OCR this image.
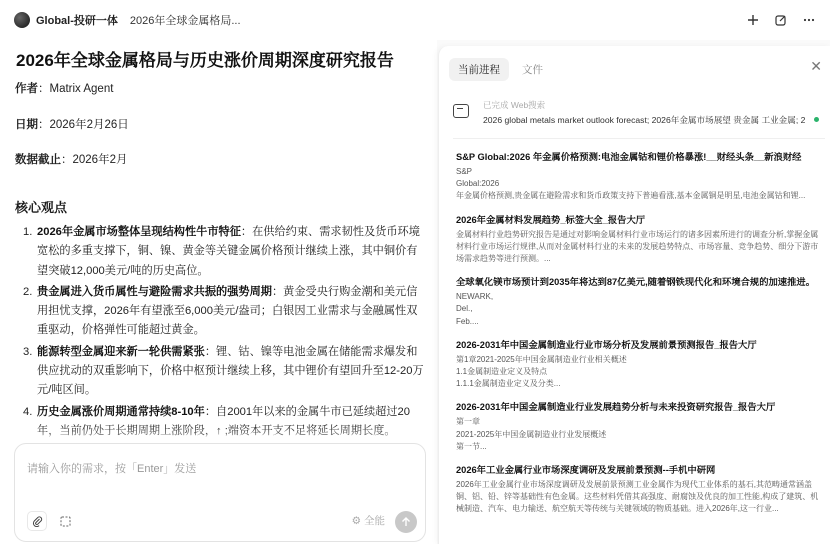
Global-投研一体 2026年全球金属格局...
2026年全球金属格局与历史涨价周期深度研究报告
作者：Matrix Agent
日期：2026年2月26日
数据截止：2026年2月
核心观点
1. 2026年金属市场整体呈现结构性牛市特征：在供给约束、需求韧性及货币环境宽松的多重支撑下，铜、镍、黄金等关键金属价格预计继续上涨，其中铜价有望突破12,000美元/吨的历史高位。
2. 贵金属进入货币属性与避险需求共振的强势周期：黄金受央行购金潮和美元信用担忧支撑，2026年有望涨至6,000美元/盎司；白银因工业需求与金融属性双重驱动，价格弹性可能超过黄金。
3. 能源转型金属迎来新一轮供需紧张：锂、钴、镍等电池金属在储能需求爆发和供应扰动的双重影响下，价格中枢预计继续上移，其中锂价有望回升至12-20万元/吨区间。
4. 历史金属涨价周期通常持续8-10年：自2001年以来的金属牛市已延续超过20年，当前仍处于长期周期上涨阶段，↑ ;端资本开支不足将延长周期长度。
请输入你的需求，按「Enter」发送
⚙ 全能
当前进程	文件	✕
已完成 Web搜索
2026 global metals market outlook forecast; 2026年金属市场展望 贵金属 工业金属; 2
S&P Global:2026 年金属价格预测:电池金属钴和锂价格暴涨!__财经头条__新浪财经
S&P
Global:2026
年金属价格预测,贵金属在避险需求和货币政策支持下普遍看涨,基本金属铜是明星,电池金属钴和锂...
2026年金属材料发展趋势_标签大全_报告大厅
金属材料行业趋势研究报告是通过对影响金属材料行业市场运行的诸多因素所进行的调查分析,掌握金属材料行业市场运行规律,从而对金属材料行业的未来的发展趋势特点、市场容量、竞争趋势、细分下游市场需求趋势等进行预测。...
全球氧化镁市场预计到2035年将达到87亿美元,随着钢铁现代化和环境合规的加速推进。
NEWARK,
Del.,
Feb....
2026-2031年中国金属制造业行业市场分析及发展前景预测报告_报告大厅
第1章2021-2025年中国金属制造业行业相关概述
1.1金属制造业定义及特点
1.1.1金属制造业定义及分类...
2026-2031年中国金属制造业行业发展趋势分析与未来投资研究报告_报告大厅
第一章
2021-2025年中国金属制造业行业发展概述
第一节...
2026年工业金属行业市场深度调研及发展前景预测--手机中研网
2026年工业金属行业市场深度调研及发展前景预测工业金属作为现代工业体系的基石,其范畴通常涵盖铜、铝、铅、锌等基础性有色金属。这些材料凭借其高强度、耐腐蚀及优良的加工性能,构成了建筑、机械制造、汽车、电力输送、航空航天等传统与关键领域的物质基础。进入2026年,这一行业...
